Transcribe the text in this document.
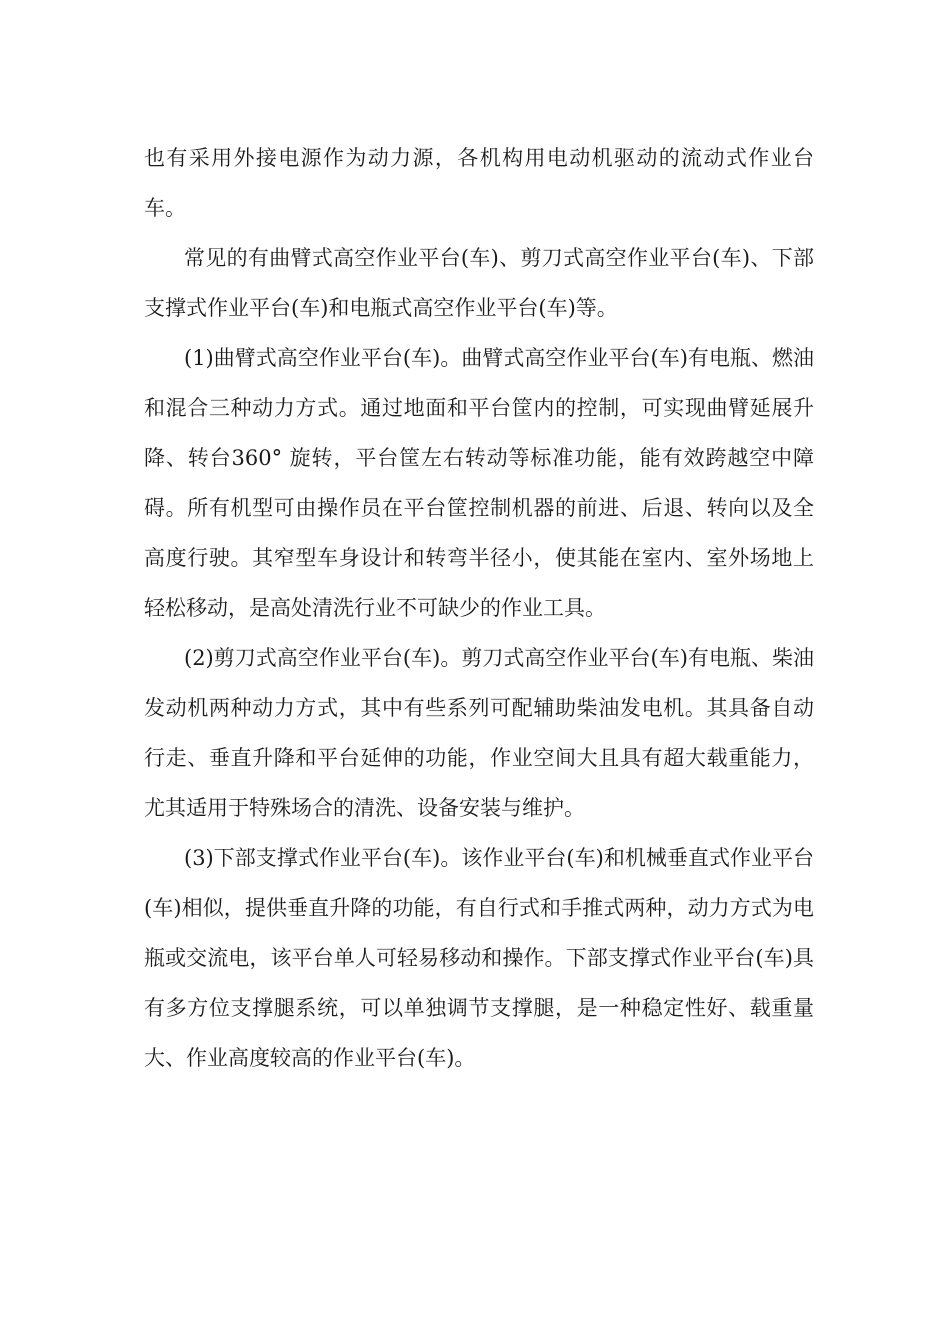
也有采用外接电源作为动力源，各机构用电动机驱动的流动式作业台车。

常见的有曲臂式高空作业平台(车)、剪刀式高空作业平台(车)、下部支撑式作业平台(车)和电瓶式高空作业平台(车)等。

(1)曲臂式高空作业平台(车)。曲臂式高空作业平台(车)有电瓶、燃油和混合三种动力方式。通过地面和平台筐内的控制，可实现曲臂延展升降、转台360° 旋转，平台筐左右转动等标准功能，能有效跨越空中障碍。所有机型可由操作员在平台筐控制机器的前进、后退、转向以及全高度行驶。其窄型车身设计和转弯半径小，使其能在室内、室外场地上轻松移动，是高处清洗行业不可缺少的作业工具。

(2)剪刀式高空作业平台(车)。剪刀式高空作业平台(车)有电瓶、柴油发动机两种动力方式，其中有些系列可配辅助柴油发电机。其具备自动行走、垂直升降和平台延伸的功能，作业空间大且具有超大载重能力，尤其适用于特殊场合的清洗、设备安装与维护。

(3)下部支撑式作业平台(车)。该作业平台(车)和机械垂直式作业平台(车)相似，提供垂直升降的功能，有自行式和手推式两种，动力方式为电瓶或交流电，该平台单人可轻易移动和操作。下部支撑式作业平台(车)具有多方位支撑腿系统，可以单独调节支撑腿，是一种稳定性好、载重量大、作业高度较高的作业平台(车)。
